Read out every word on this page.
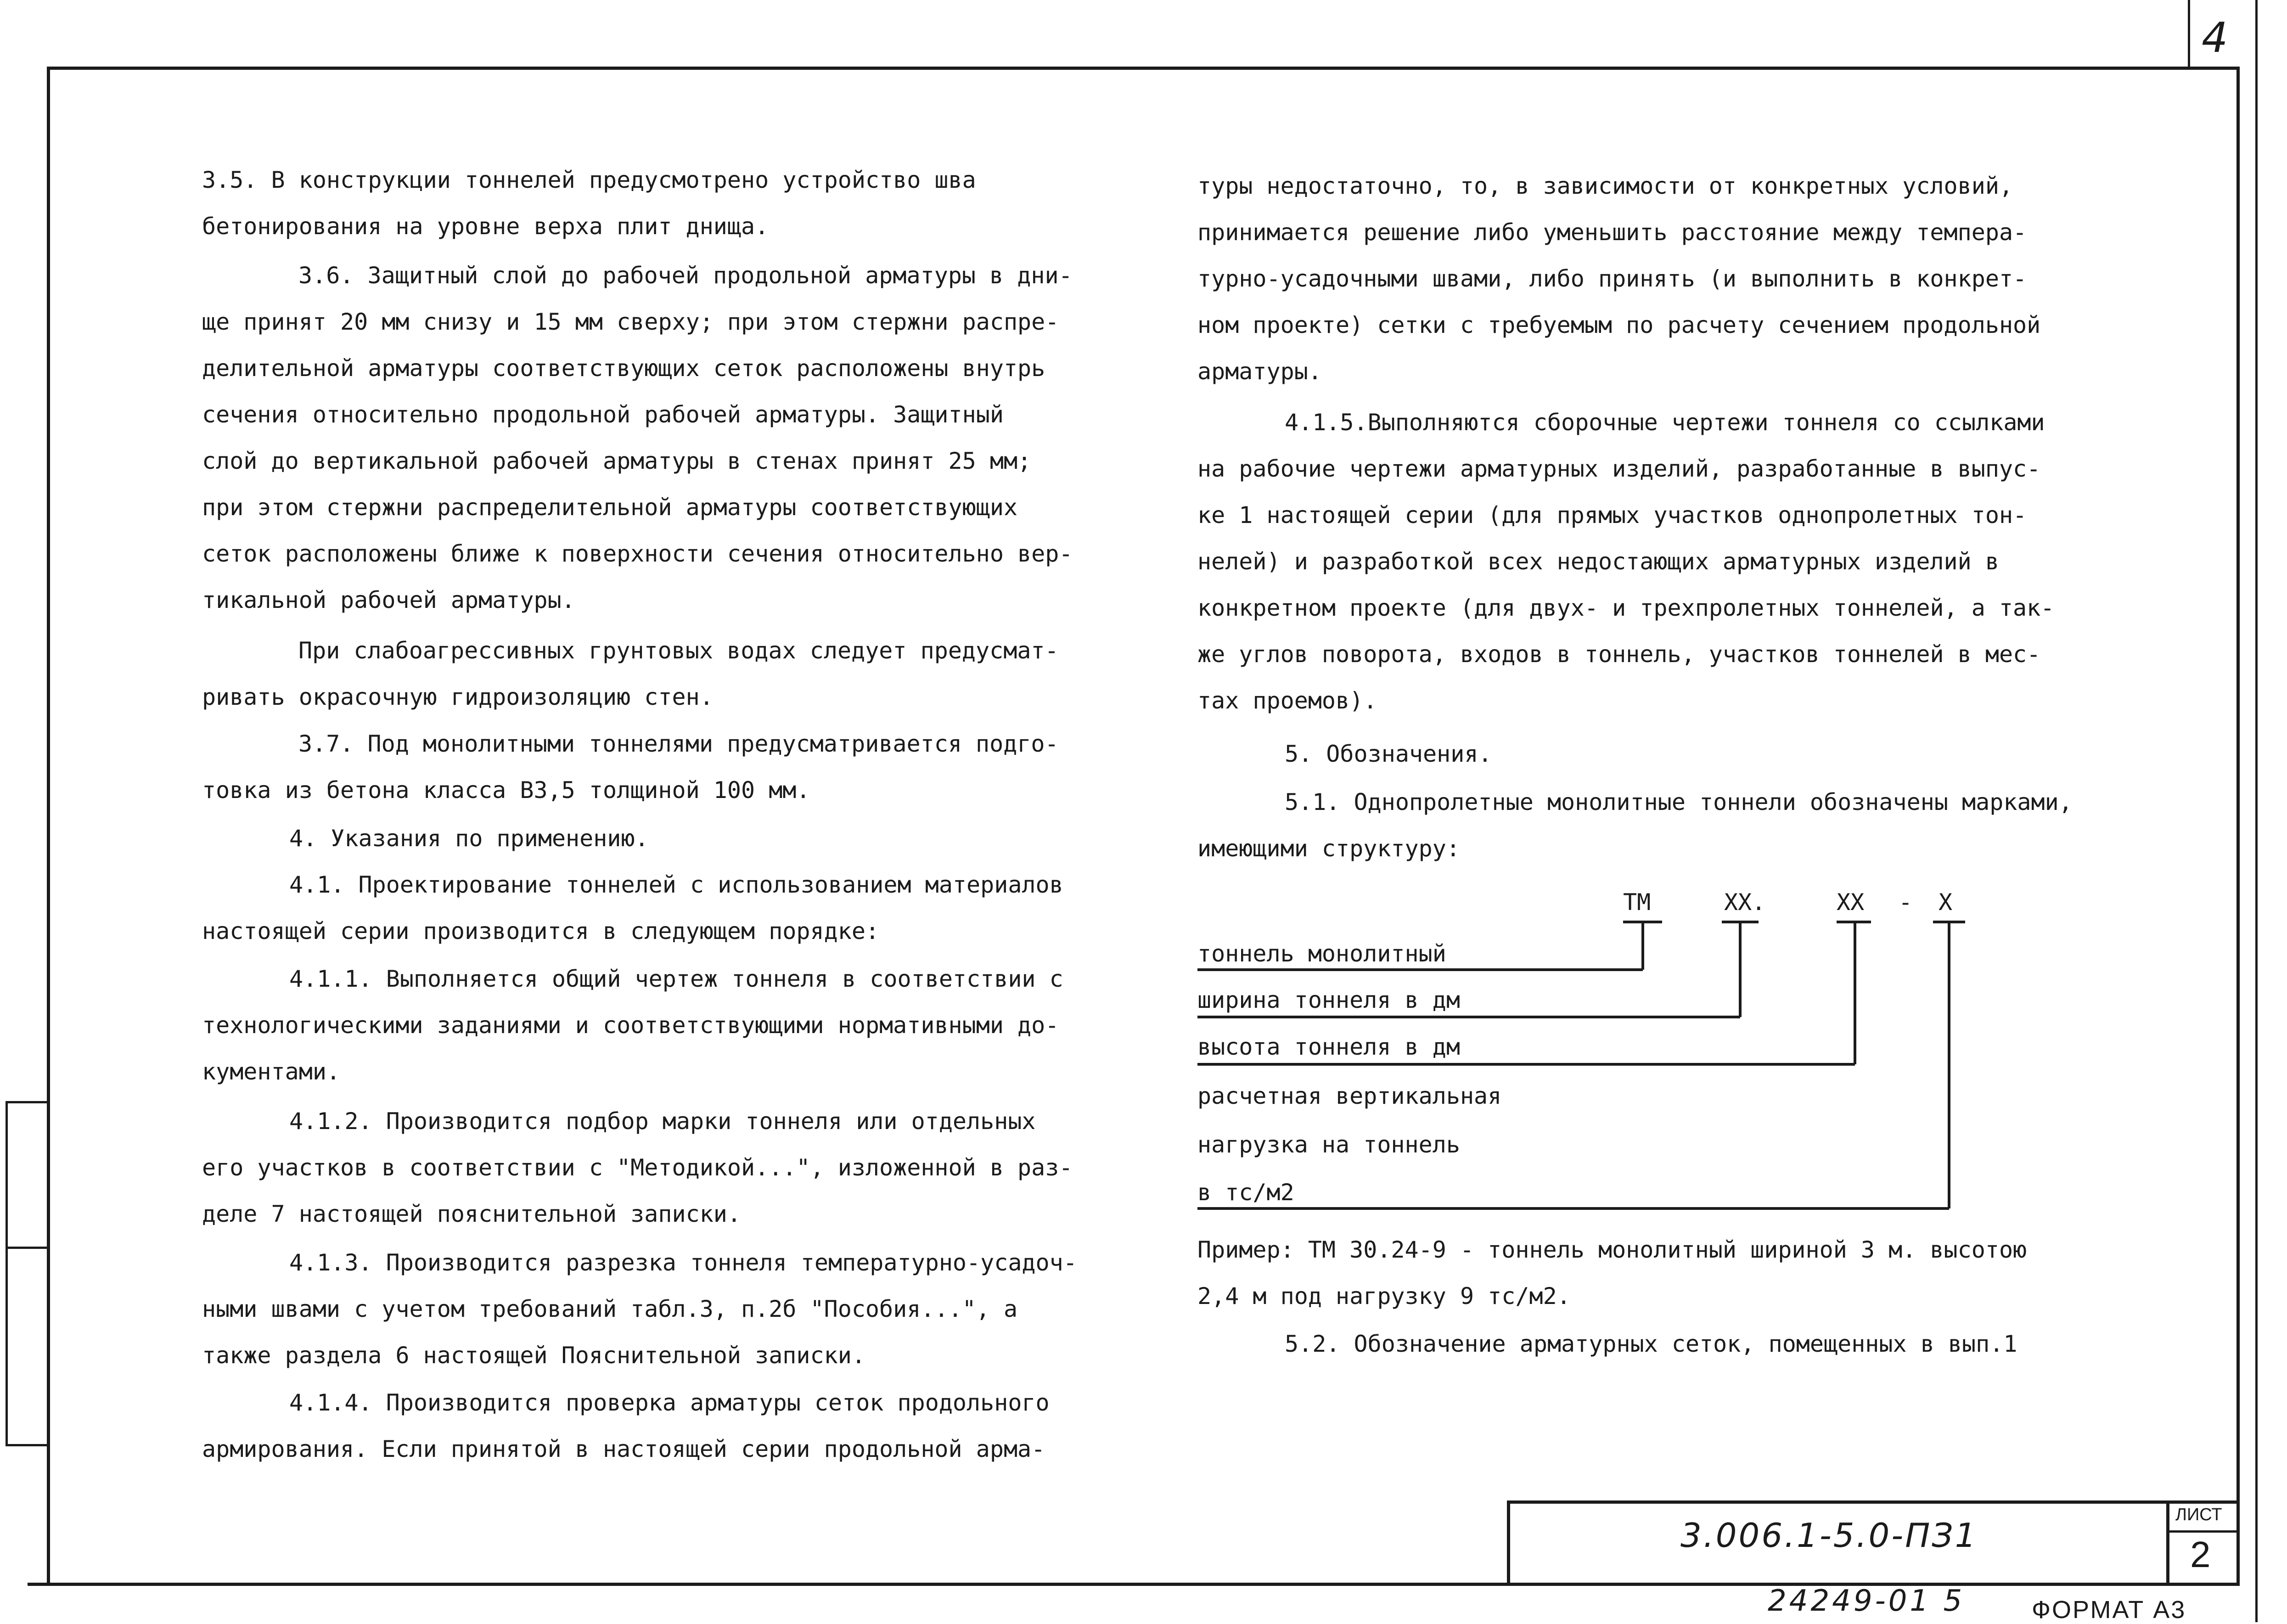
4
3.5. В конструкции тоннелей предусмотрено устройство шва
бетонирования на уровне верха плит днища.
3.6. Защитный слой до рабочей продольной арматуры в дни-
ще принят 20 мм снизу и 15 мм сверху; при этом стержни распре-
делительной арматуры соответствующих сеток расположены внутрь
сечения относительно продольной рабочей арматуры. Защитный
слой до вертикальной рабочей арматуры в стенах принят 25 мм;
при этом стержни распределительной арматуры соответствующих
сеток расположены ближе к поверхности сечения относительно вер-
тикальной рабочей арматуры.
При слабоагрессивных грунтовых водах следует предусмат-
ривать окрасочную гидроизоляцию стен.
3.7. Под монолитными тоннелями предусматривается подго-
товка из бетона класса В3,5 толщиной 100 мм.
4. Указания по применению.
4.1. Проектирование тоннелей с использованием материалов
настоящей серии производится в следующем порядке:
4.1.1. Выполняется общий чертеж тоннеля в соответствии с
технологическими заданиями и соответствующими нормативными до-
кументами.
4.1.2. Производится подбор марки тоннеля или отдельных
его участков в соответствии с "Методикой...", изложенной в раз-
деле 7 настоящей пояснительной записки.
4.1.3. Производится разрезка тоннеля температурно-усадоч-
ными швами с учетом требований табл.3, п.2б "Пособия...", а
также раздела 6 настоящей Пояснительной записки.
4.1.4. Производится проверка арматуры сеток продольного
армирования. Если принятой в настоящей серии продольной арма-
туры недостаточно, то, в зависимости от конкретных условий,
принимается решение либо уменьшить расстояние между темпера-
турно-усадочными швами, либо принять (и выполнить в конкрет-
ном проекте) сетки с требуемым по расчету сечением продольной
арматуры.
4.1.5.Выполняются сборочные чертежи тоннеля со ссылками
на рабочие чертежи арматурных изделий, разработанные в выпус-
ке 1 настоящей серии (для прямых участков однопролетных тон-
нелей) и разработкой всех недостающих арматурных изделий в
конкретном проекте (для двух- и трехпролетных тоннелей, а так-
же углов поворота, входов в тоннель, участков тоннелей в мес-
тах проемов).
5. Обозначения.
5.1. Однопролетные монолитные тоннели обозначены марками,
имеющими структуру:
ТМ	XX.	XX - X
тоннель монолитный
ширина тоннеля в дм
высота тоннеля в дм
расчетная вертикальная
нагрузка на тоннель
в тс/м2
Пример: ТМ 30.24-9 - тоннель монолитный шириной 3 м. высотою
2,4 м под нагрузку 9 тс/м2.
5.2. Обозначение арматурных сеток, помещенных в вып.1
3.006.1-5.0-ПЗ1
ЛИСТ
2
24249-01 5	ФОРМАТ А3
